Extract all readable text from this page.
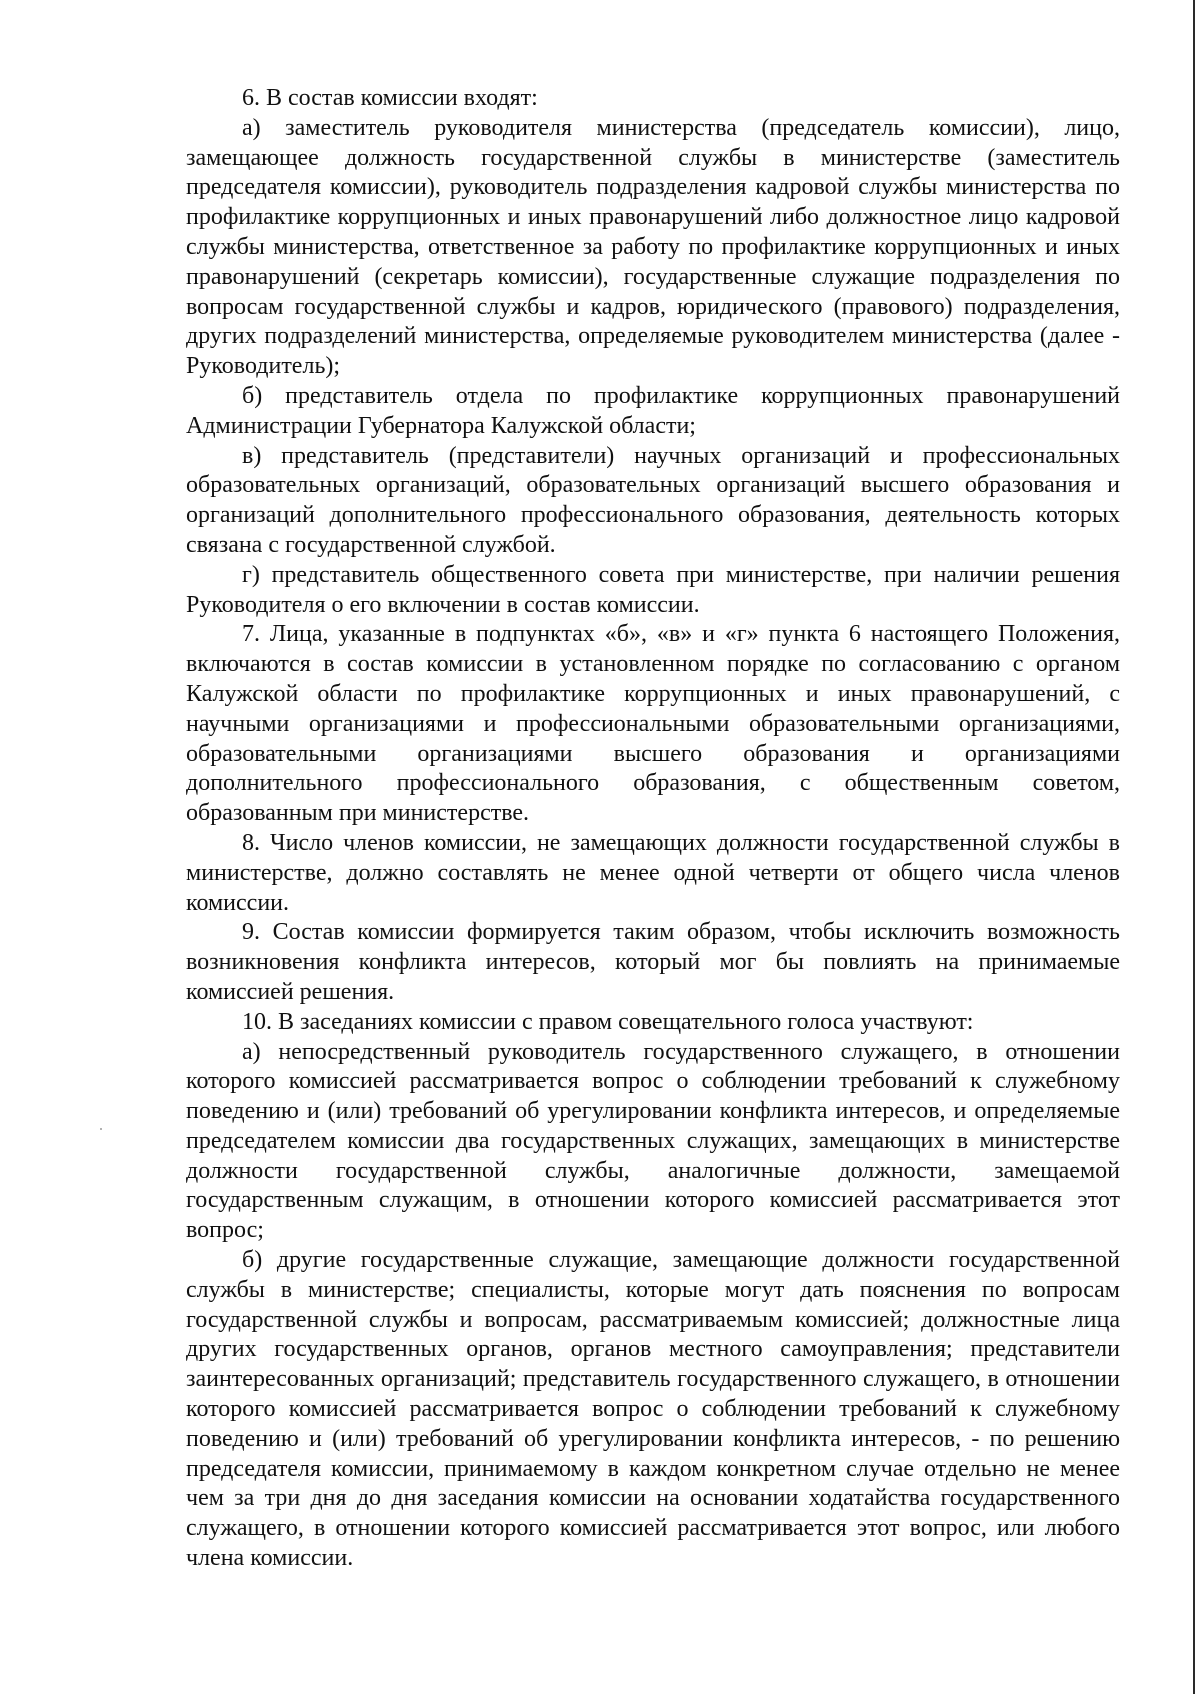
6. В состав комиссии входят:

а) заместитель руководителя министерства (председатель комиссии), лицо, замещающее должность государственной службы в министерстве (заместитель председателя комиссии), руководитель подразделения кадровой службы министерства по профилактике коррупционных и иных правонарушений либо должностное лицо кадровой службы министерства, ответственное за работу по профилактике коррупционных и иных правонарушений (секретарь комиссии), государственные служащие подразделения по вопросам государственной службы и кадров, юридического (правового) подразделения, других подразделений министерства, определяемые руководителем министерства (далее - Руководитель);

б) представитель отдела по профилактике коррупционных правонарушений Администрации Губернатора Калужской области;

в) представитель (представители) научных организаций и профессиональных образовательных организаций, образовательных организаций высшего образования и организаций дополнительного профессионального образования, деятельность которых связана с государственной службой.

г) представитель общественного совета при министерстве, при наличии решения Руководителя о его включении в состав комиссии.

7. Лица, указанные в подпунктах «б», «в» и «г» пункта 6 настоящего Положения, включаются в состав комиссии в установленном порядке по согласованию с органом Калужской области по профилактике коррупционных и иных правонарушений, с научными организациями и профессиональными образовательными организациями, образовательными организациями высшего образования и организациями дополнительного профессионального образования, с общественным советом, образованным при министерстве.

8. Число членов комиссии, не замещающих должности государственной службы в министерстве, должно составлять не менее одной четверти от общего числа членов комиссии.

9. Состав комиссии формируется таким образом, чтобы исключить возможность возникновения конфликта интересов, который мог бы повлиять на принимаемые комиссией решения.

10. В заседаниях комиссии с правом совещательного голоса участвуют:

а) непосредственный руководитель государственного служащего, в отношении которого комиссией рассматривается вопрос о соблюдении требований к служебному поведению и (или) требований об урегулировании конфликта интересов, и определяемые председателем комиссии два государственных служащих, замещающих в министерстве должности государственной службы, аналогичные должности, замещаемой государственным служащим, в отношении которого комиссией рассматривается этот вопрос;

б) другие государственные служащие, замещающие должности государственной службы в министерстве; специалисты, которые могут дать пояснения по вопросам государственной службы и вопросам, рассматриваемым комиссией; должностные лица других государственных органов, органов местного самоуправления; представители заинтересованных организаций; представитель государственного служащего, в отношении которого комиссией рассматривается вопрос о соблюдении требований к служебному поведению и (или) требований об урегулировании конфликта интересов, - по решению председателя комиссии, принимаемому в каждом конкретном случае отдельно не менее чем за три дня до дня заседания комиссии на основании ходатайства государственного служащего, в отношении которого комиссией рассматривается этот вопрос, или любого члена комиссии.
